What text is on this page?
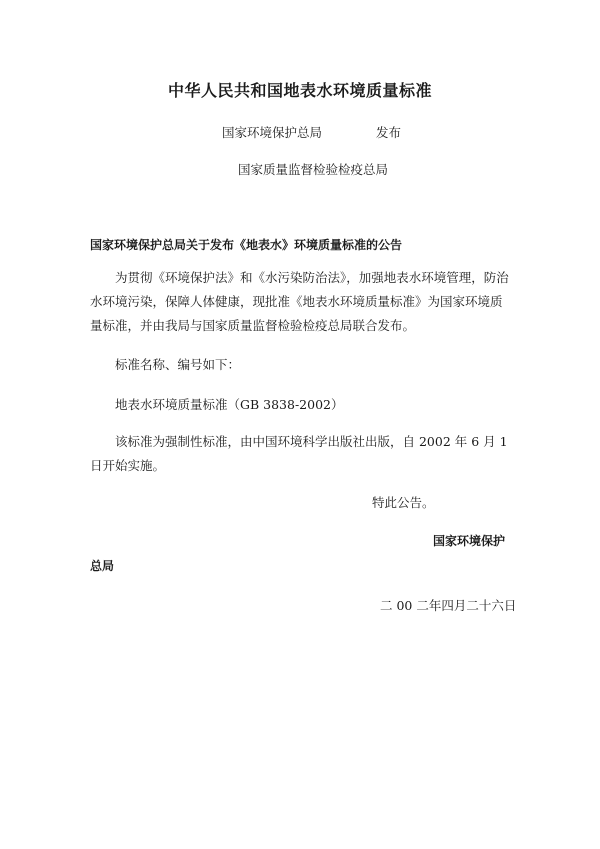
中华人民共和国地表水环境质量标准
国家环境保护总局	发布
国家质量监督检验检疫总局
国家环境保护总局关于发布《地表水》环境质量标准的公告

为贯彻《环境保护法》和《水污染防治法》，加强地表水环境管理，防治水环境污染，保障人体健康，现批准《地表水环境质量标准》为国家环境质量标准，并由我局与国家质量监督检验检疫总局联合发布。

标准名称、编号如下：

地表水环境质量标准（GB 3838-2002）

该标准为强制性标准，由中国环境科学出版社出版，自 2002 年 6 月 1 日开始实施。

特此公告。
国家环境保护
总局
二 00 二年四月二十六日
